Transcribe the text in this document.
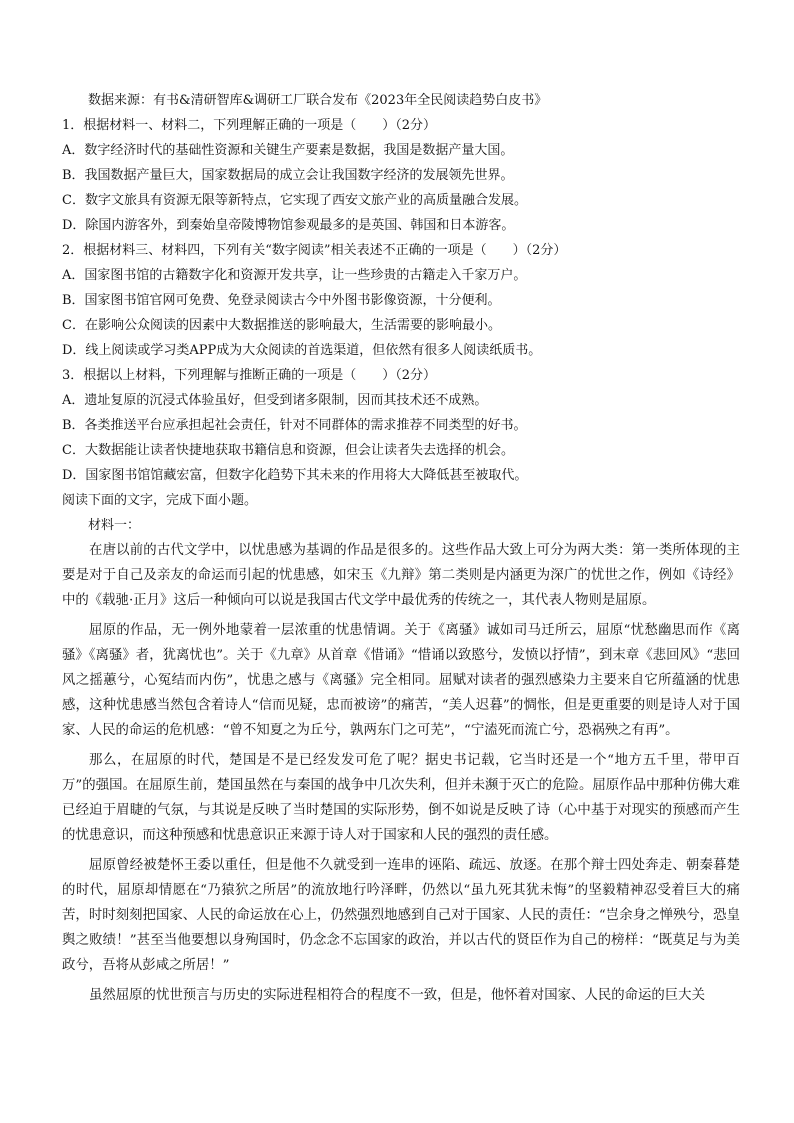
数据来源：有书&清研智库&调研工厂联合发布《2023年全民阅读趋势白皮书》

1．根据材料一、材料二，下列理解正确的一项是（　　）（2分）

A．数字经济时代的基础性资源和关键生产要素是数据，我国是数据产量大国。

B．我国数据产量巨大，国家数据局的成立会让我国数字经济的发展领先世界。

C．数字文旅具有资源无限等新特点，它实现了西安文旅产业的高质量融合发展。

D．除国内游客外，到秦始皇帝陵博物馆参观最多的是英国、韩国和日本游客。

2．根据材料三、材料四，下列有关“数字阅读”相关表述不正确的一项是（　　）（2分）

A．国家图书馆的古籍数字化和资源开发共享，让一些珍贵的古籍走入千家万户。

B．国家图书馆官网可免费、免登录阅读古今中外图书影像资源，十分便利。

C．在影响公众阅读的因素中大数据推送的影响最大，生活需要的影响最小。

D．线上阅读或学习类APP成为大众阅读的首选渠道，但依然有很多人阅读纸质书。

3．根据以上材料，下列理解与推断正确的一项是（　　）（2分）

A．遗址复原的沉浸式体验虽好，但受到诸多限制，因而其技术还不成熟。

B．各类推送平台应承担起社会责任，针对不同群体的需求推荐不同类型的好书。

C．大数据能让读者快捷地获取书籍信息和资源，但会让读者失去选择的机会。

D．国家图书馆馆藏宏富，但数字化趋势下其未来的作用将大大降低甚至被取代。

阅读下面的文字，完成下面小题。

材料一：

在唐以前的古代文学中，以忧患感为基调的作品是很多的。这些作品大致上可分为两大类：第一类所体现的主要是对于自己及亲友的命运而引起的忧患感，如宋玉《九辩》第二类则是内涵更为深广的忧世之作，例如《诗经》中的《载驰·正月》这后一种倾向可以说是我国古代文学中最优秀的传统之一，其代表人物则是屈原。

屈原的作品，无一例外地蒙着一层浓重的忧患情调。关于《离骚》诚如司马迁所云，屈原“忧愁幽思而作《离骚》《离骚》者，犹离忧也”。关于《九章》从首章《惜诵》“惜诵以致愍兮，发愤以抒情”，到末章《悲回风》“悲回风之摇蕙兮，心冤结而内伤”，忧患之感与《离骚》完全相同。屈赋对读者的强烈感染力主要来自它所蕴涵的忧患感，这种忧患感当然包含着诗人“信而见疑，忠而被谤”的痛苦，“美人迟暮”的惆怅，但是更重要的则是诗人对于国家、人民的命运的危机感：“曾不知夏之为丘兮，孰两东门之可芜”，“宁溘死而流亡兮，恐祸殃之有再”。

那么，在屈原的时代，楚国是不是已经发发可危了呢？据史书记载，它当时还是一个“地方五千里，带甲百万”的强国。在屈原生前，楚国虽然在与秦国的战争中几次失利，但并未濒于灭亡的危险。屈原作品中那种仿佛大难已经迫于眉睫的气氛，与其说是反映了当时楚国的实际形势，倒不如说是反映了诗（心中基于对现实的预感而产生的忧患意识，而这种预感和忧患意识正来源于诗人对于国家和人民的强烈的责任感。

屈原曾经被楚怀王委以重任，但是他不久就受到一连串的诬陷、疏远、放逐。在那个辩士四处奔走、朝秦暮楚的时代，屈原却情愿在“乃猿狖之所居”的流放地行吟泽畔，仍然以“虽九死其犹未悔”的坚毅精神忍受着巨大的痛苦，时时刻刻把国家、人民的命运放在心上，仍然强烈地感到自己对于国家、人民的责任：“岂余身之惮殃兮，恐皇舆之败绩！”甚至当他要想以身殉国时，仍念念不忘国家的政治，并以古代的贤臣作为自己的榜样：“既莫足与为美政兮，吾将从彭咸之所居！”

虽然屈原的忧世预言与历史的实际进程相符合的程度不一致，但是，他怀着对国家、人民的命运的巨大关
